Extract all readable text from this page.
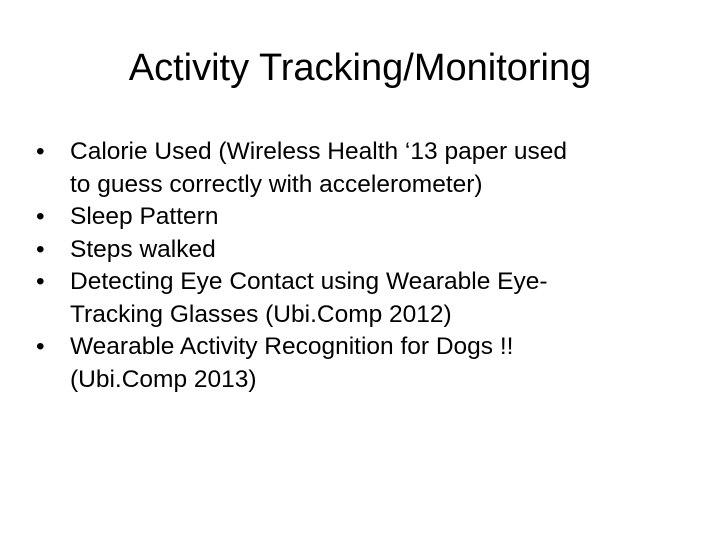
Activity Tracking/Monitoring
•	Calorie Used (Wireless Health ‘13 paper used
to guess correctly with accelerometer)
•	Sleep Pattern
•	Steps walked
•	Detecting Eye Contact using Wearable Eye-
Tracking Glasses (Ubi.Comp 2012)
•	Wearable Activity Recognition for Dogs !!
(Ubi.Comp 2013)
